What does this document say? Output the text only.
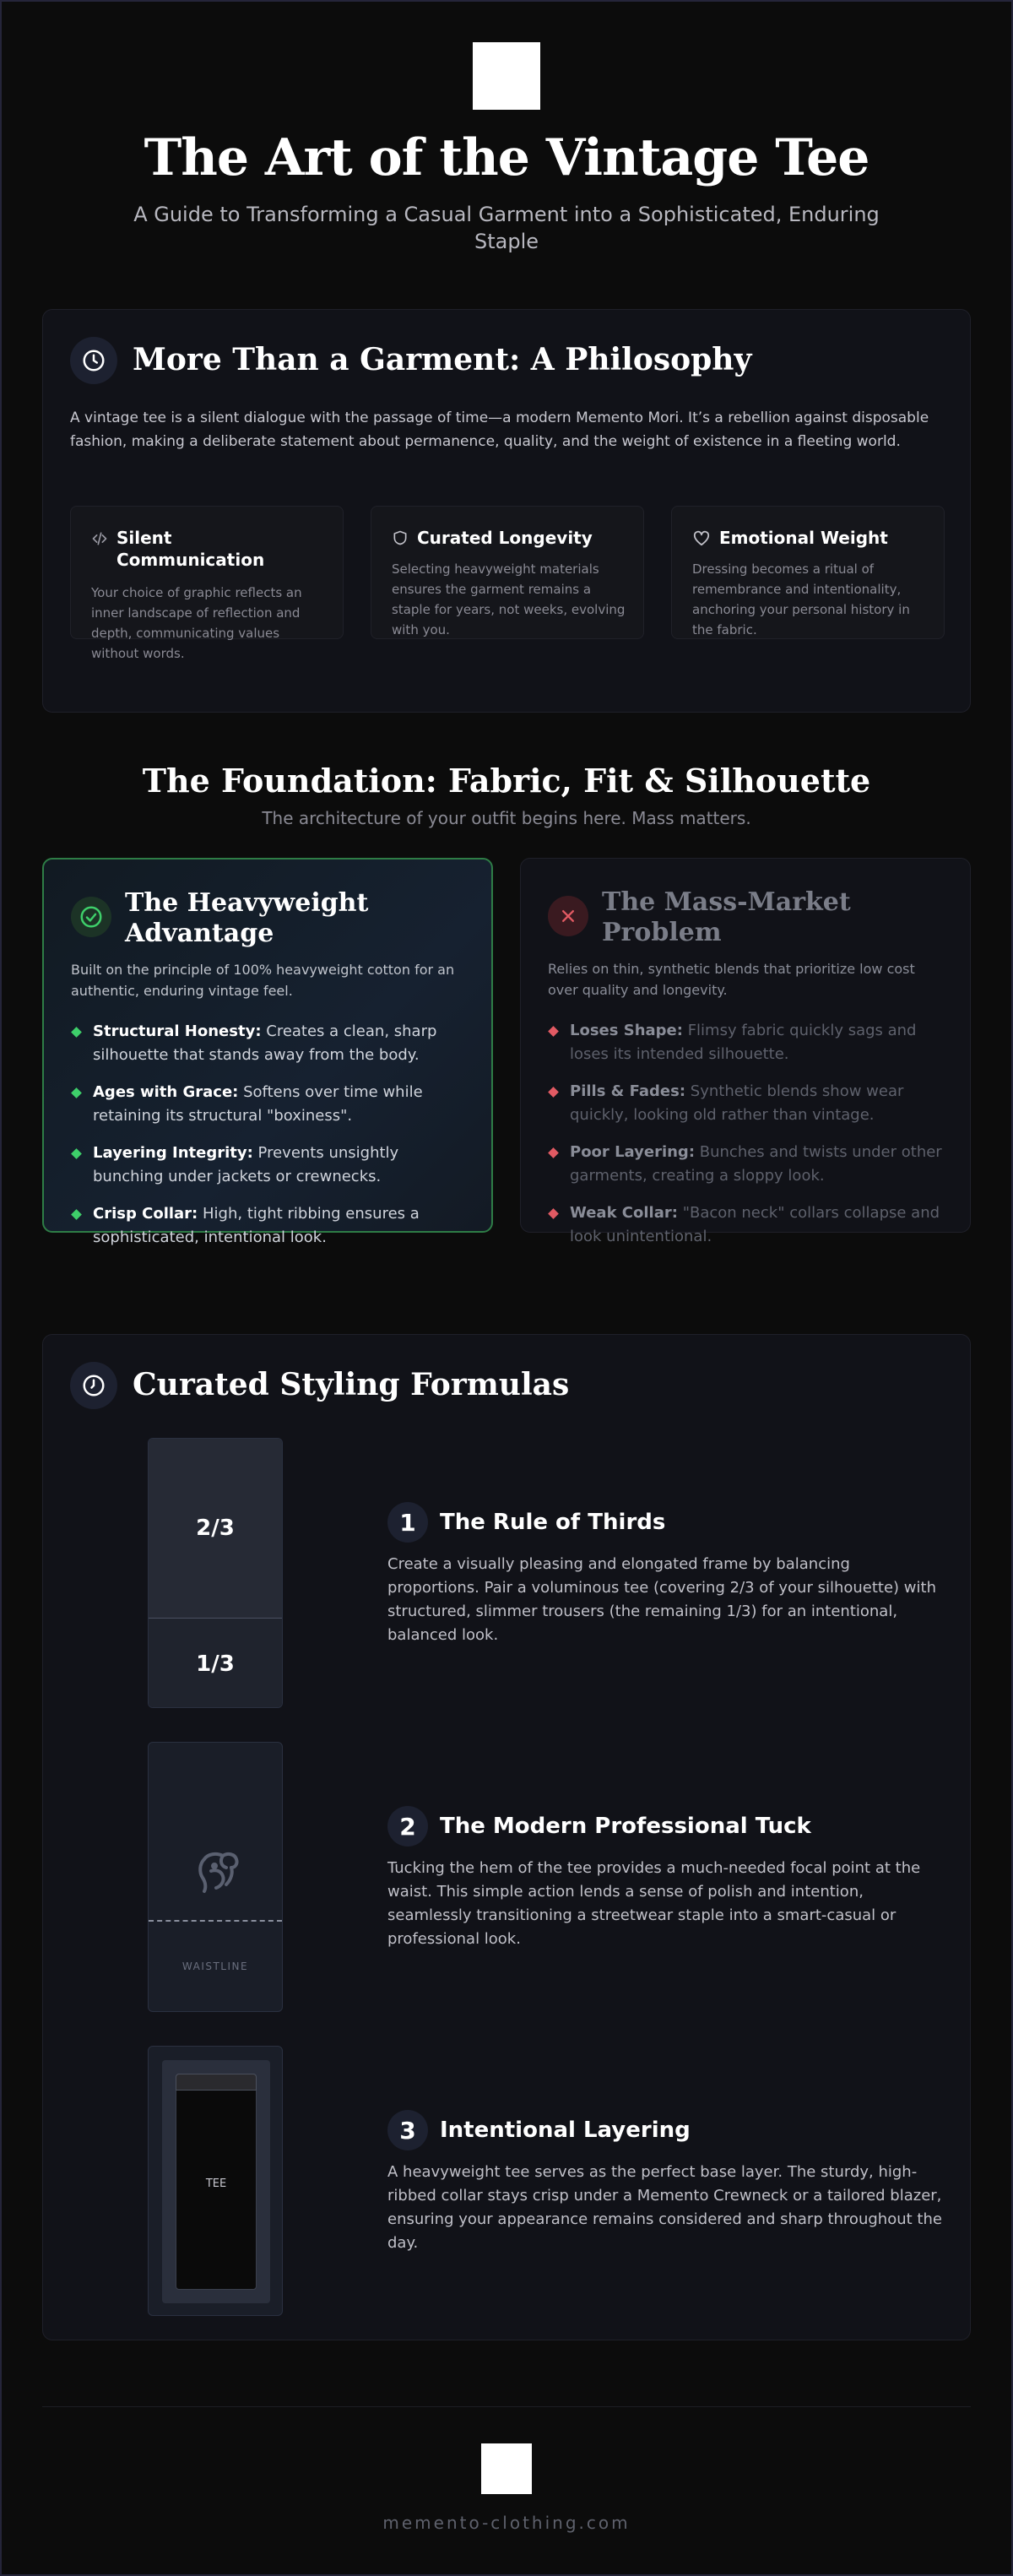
The Art of the Vintage Tee

A Guide to Transforming a Casual Garment into a Sophisticated, Enduring Staple

More Than a Garment: A Philosophy

A vintage tee is a silent dialogue with the passage of time—a modern Memento Mori. It’s a rebellion against disposable fashion, making a deliberate statement about permanence, quality, and the weight of existence in a fleeting world.

Silent Communication

Your choice of graphic reflects an inner landscape of reflection and depth, communicating values without words.

Curated Longevity

Selecting heavyweight materials ensures the garment remains a staple for years, not weeks, evolving with you.

Emotional Weight

Dressing becomes a ritual of remembrance and intentionality, anchoring your personal history in the fabric.

The Foundation: Fabric, Fit & Silhouette

The architecture of your outfit begins here. Mass matters.

The Heavyweight Advantage

Built on the principle of 100% heavyweight cotton for an authentic, enduring vintage feel.

Structural Honesty: Creates a clean, sharp silhouette that stands away from the body.
Ages with Grace: Softens over time while retaining its structural "boxiness".
Layering Integrity: Prevents unsightly bunching under jackets or crewnecks.
Crisp Collar: High, tight ribbing ensures a sophisticated, intentional look.
The Mass-Market Problem

Relies on thin, synthetic blends that prioritize low cost over quality and longevity.

Loses Shape: Flimsy fabric quickly sags and loses its intended silhouette.
Pills & Fades: Synthetic blends show wear quickly, looking old rather than vintage.
Poor Layering: Bunches and twists under other garments, creating a sloppy look.
Weak Collar: "Bacon neck" collars collapse and look unintentional.
Curated Styling Formulas
2/3
1/3
1	The Rule of Thirds

Create a visually pleasing and elongated frame by balancing proportions. Pair a voluminous tee (covering 2/3 of your silhouette) with structured, slimmer trousers (the remaining 1/3) for an intentional, balanced look.

WAISTLINE
2	The Modern Professional Tuck

Tucking the hem of the tee provides a much-needed focal point at the waist. This simple action lends a sense of polish and intention, seamlessly transitioning a streetwear staple into a smart-casual or professional look.

TEE
3	Intentional Layering

A heavyweight tee serves as the perfect base layer. The sturdy, high-ribbed collar stays crisp under a Memento Crewneck or a tailored blazer, ensuring your appearance remains considered and sharp throughout the day.

memento-clothing.com
